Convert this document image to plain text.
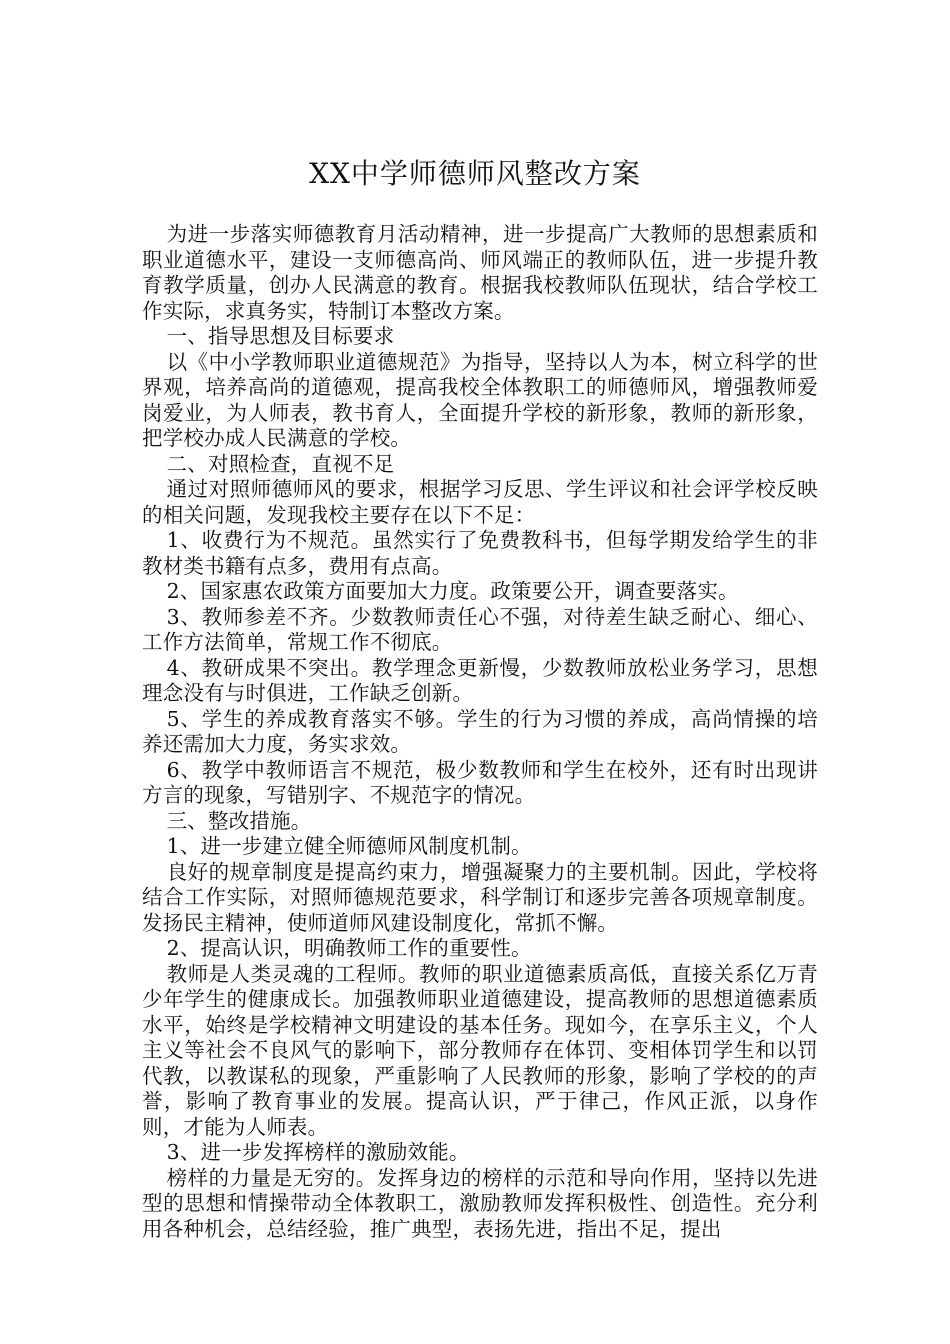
XX中学师德师风整改方案

为进一步落实师德教育月活动精神，进一步提高广大教师的思想素质和职业道德水平，建设一支师德高尚、师风端正的教师队伍，进一步提升教育教学质量，创办人民满意的教育。根据我校教师队伍现状，结合学校工作实际，求真务实，特制订本整改方案。

一、指导思想及目标要求

以《中小学教师职业道德规范》为指导，坚持以人为本，树立科学的世界观，培养高尚的道德观，提高我校全体教职工的师德师风，增强教师爱岗爱业，为人师表，教书育人，全面提升学校的新形象，教师的新形象，把学校办成人民满意的学校。

二、对照检查，直视不足

通过对照师德师风的要求，根据学习反思、学生评议和社会评学校反映的相关问题，发现我校主要存在以下不足：

1、收费行为不规范。虽然实行了免费教科书，但每学期发给学生的非教材类书籍有点多，费用有点高。

2、国家惠农政策方面要加大力度。政策要公开，调查要落实。

3、教师参差不齐。少数教师责任心不强，对待差生缺乏耐心、细心、工作方法简单，常规工作不彻底。

4、教研成果不突出。教学理念更新慢，少数教师放松业务学习，思想理念没有与时俱进，工作缺乏创新。

5、学生的养成教育落实不够。学生的行为习惯的养成，高尚情操的培养还需加大力度，务实求效。

6、教学中教师语言不规范，极少数教师和学生在校外，还有时出现讲方言的现象，写错别字、不规范字的情况。

三、整改措施。

1、进一步建立健全师德师风制度机制。

良好的规章制度是提高约束力，增强凝聚力的主要机制。因此，学校将结合工作实际，对照师德规范要求，科学制订和逐步完善各项规章制度。发扬民主精神，使师道师风建设制度化，常抓不懈。

2、提高认识，明确教师工作的重要性。

教师是人类灵魂的工程师。教师的职业道德素质高低，直接关系亿万青少年学生的健康成长。加强教师职业道德建设，提高教师的思想道德素质水平，始终是学校精神文明建设的基本任务。现如今，在享乐主义，个人主义等社会不良风气的影响下，部分教师存在体罚、变相体罚学生和以罚代教，以教谋私的现象，严重影响了人民教师的形象，影响了学校的的声誉，影响了教育事业的发展。提高认识，严于律己，作风正派，以身作则，才能为人师表。

3、进一步发挥榜样的激励效能。

榜样的力量是无穷的。发挥身边的榜样的示范和导向作用，坚持以先进型的思想和情操带动全体教职工，激励教师发挥积极性、创造性。充分利用各种机会，总结经验，推广典型，表扬先进，指出不足，提出
